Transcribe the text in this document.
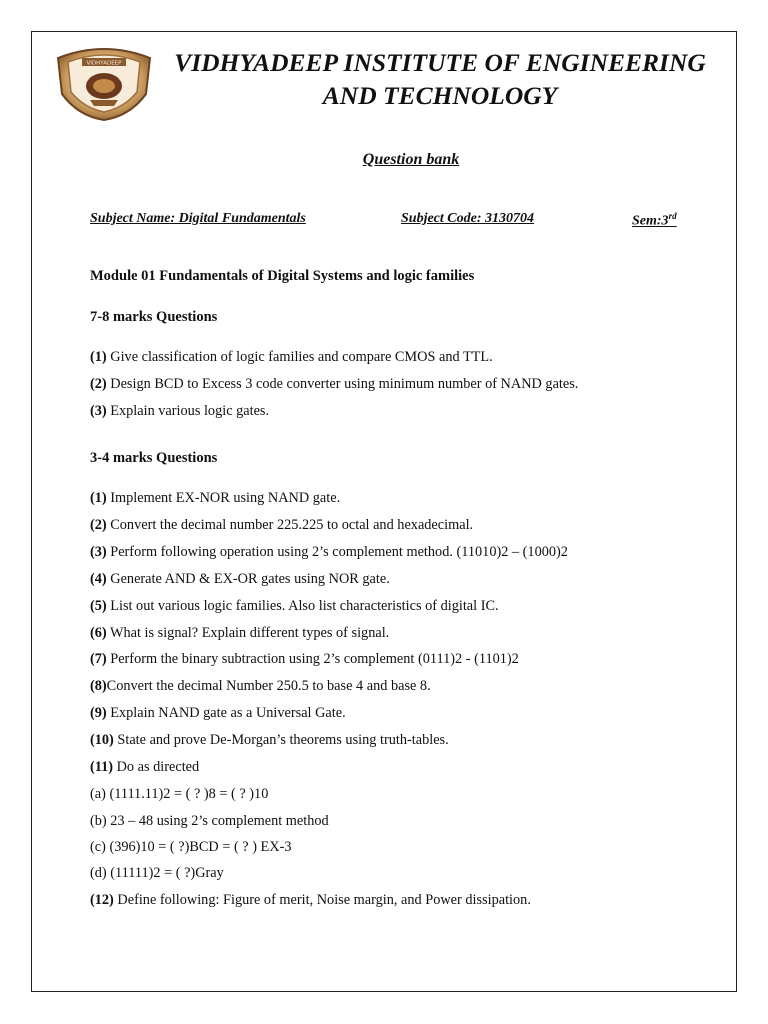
VIDHYADEEP	VIDHYADEEP INSTITUTE OF ENGINEERING
AND TECHNOLOGY
Question bank
Subject Name: Digital Fundamentals	Subject Code: 3130704	Sem:3rd
Module 01 Fundamentals of Digital Systems and logic families
7-8 marks Questions
(1) Give classification of logic families and compare CMOS and TTL.
(2) Design BCD to Excess 3 code converter using minimum number of NAND gates.
(3) Explain various logic gates.
3-4 marks Questions
(1) Implement EX-NOR using NAND gate.
(2) Convert the decimal number 225.225 to octal and hexadecimal.
(3) Perform following operation using 2’s complement method. (11010)2 – (1000)2
(4) Generate AND & EX-OR gates using NOR gate.
(5) List out various logic families. Also list characteristics of digital IC.
(6) What is signal? Explain different types of signal.
(7) Perform the binary subtraction using 2’s complement (0111)2 - (1101)2
(8)Convert the decimal Number 250.5 to base 4 and base 8.
(9) Explain NAND gate as a Universal Gate.
(10) State and prove De-Morgan’s theorems using truth-tables.
(11) Do as directed
(a) (1111.11)2 = ( ? )8 = ( ? )10
(b) 23 – 48 using 2’s complement method
(c) (396)10 = ( ?)BCD = ( ? ) EX-3
(d) (11111)2 = ( ?)Gray
(12) Define following: Figure of merit, Noise margin, and Power dissipation.
